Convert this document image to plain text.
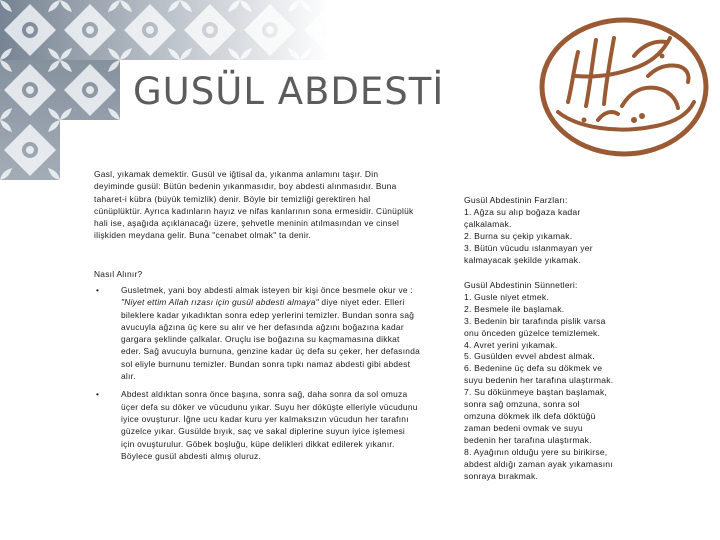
GUSÜL ABDESTİ

Gasl, yıkamak demektir. Gusül ve iğtisal da, yıkanma anlamını taşır. Din deyiminde gusül: Bütün bedenin yıkanmasıdır, boy abdesti alınmasıdır. Buna taharet-i kübra (büyük temizlik) denir. Böyle bir temizliği gerektiren hal cünüplüktür. Ayrıca kadınların hayız ve nifas kanlarının sona ermesidir. Cünüplük hali ise, aşağıda açıklanacağı üzere, şehvetle meninin atılmasından ve cinsel ilişkiden meydana gelir. Buna "cenabet olmak" ta denir.

Nasıl Alınır?

•	Gusletmek, yani boy abdesti almak isteyen bir kişi önce besmele okur ve : "Niyet ettim Allah rızası için gusül abdesti almaya" diye niyet eder. Elleri bileklere kadar yıkadıktan sonra edep yerlerini temizler. Bundan sonra sağ avucuyla ağzına üç kere su alır ve her defasında ağzını boğazına kadar gargara şeklinde çalkalar. Oruçlu ise boğazına su kaçmamasına dikkat eder. Sağ avucuyla burnuna, genzine kadar üç defa su çeker, her defasında sol eliyle burnunu temizler. Bundan sonra tıpkı namaz abdesti gibi abdest alır.
•	Abdest aldıktan sonra önce başına, sonra sağ, daha sonra da sol omuza üçer defa su döker ve vücudunu yıkar. Suyu her döküşte elleriyle vücudunu iyice ovuşturur. İğne ucu kadar kuru yer kalmaksızın vücudun her tarafını güzelce yıkar. Gusülde bıyık, saç ve sakal diplerine suyun iyice işlemesi için ovuşturulur. Göbek boşluğu, küpe delikleri dikkat edilerek yıkanır. Böylece gusül abdesti almış oluruz.
Gusül Abdestinin Farzları:
1. Ağza su alıp boğaza kadar çalkalamak.
2. Burna su çekip yıkamak.
3. Bütün vücudu ıslanmayan yer kalmayacak şekilde yıkamak.
Gusül Abdestinin Sünnetleri:
1. Gusle niyet etmek.
2. Besmele ile başlamak.
3. Bedenin bir tarafında pislik varsa onu önceden güzelce temizlemek.
4. Avret yerini yıkamak.
5. Gusülden evvel abdest almak.
6. Bedenine üç defa su dökmek ve suyu bedenin her tarafına ulaştırmak.
7. Su dökünmeye baştan başlamak, sonra sağ omzuna, sonra sol omzuna dökmek ilk defa döktüğü zaman bedeni ovmak ve suyu bedenin her tarafına ulaştırmak.
8. Ayağının olduğu yere su birikirse, abdest aldığı zaman ayak yıkamasını sonraya bırakmak.
